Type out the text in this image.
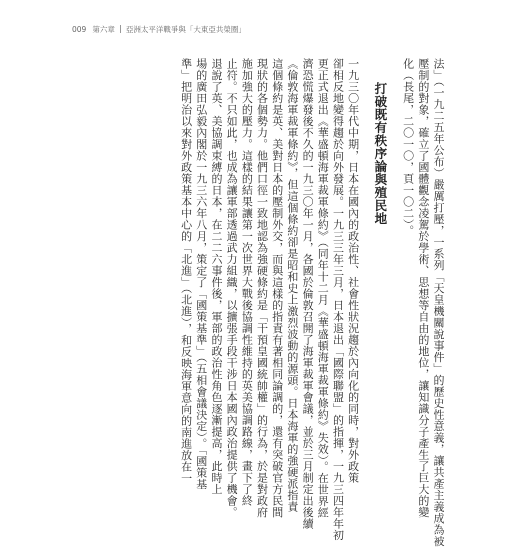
009 第六章 亞洲太平洋戰爭與「大東亞共榮圈」
法」（一九二五年公布）嚴厲打壓，一系列「天皇機關說事件」的歷史性意義，讓共產主義成為被
壓制的對象，確立了國體觀念凌駕於學術、思想等自由的地位，讓知識分子產生了巨大的變
化（長尾，二〇一〇，頁一〇二）。
打破既有秩序論與殖民地
一九三〇年代中期，日本在國內的政治性、社會性狀況趨於內向化的同時，對外政策
卻相反地變得趨於向外發展。一九三三年三月，日本退出「國際聯盟」的指揮，一九三四年年初
更正式退出《華盛頓海軍裁軍條約》（同年十二月《華盛頓海軍裁軍條約》失效）。在世界經
濟恐慌爆發後不久的一九三〇年一月，各國於倫敦召開了海軍裁軍會議，並於三月制定出後續
《倫敦海軍裁軍條約》，但這個條約卻是昭和史上激烈波動的源頭。日本海軍的強硬派指責
這個條約是英、美對日本的壓制外交，而與這樣的指責有著相同論調的，還有突破官方民間
現狀的各個勢力。他們口徑一致地認為強硬條約是「干預皇國統帥權」的行為，於是對政府
施加強大的壓力。這樣的結果讓第一次世界大戰後協調性維持的英美協調路線，畫下了終
止符。不只如此，也成為讓軍部透過武力組織，以擴張手段干涉日本國內政治提供了機會。
退說了英、美協調束縛的日本，在二二六事件後，軍部的政治性角色逐漸提高，此時上
場的廣田弘毅內閣於一九三六年八月，策定了「國策基準」（五相會議決定）。「國策基
準」把明治以來對外政策基本中心的「北進」（北進），和反映海軍意向的南進放在一
